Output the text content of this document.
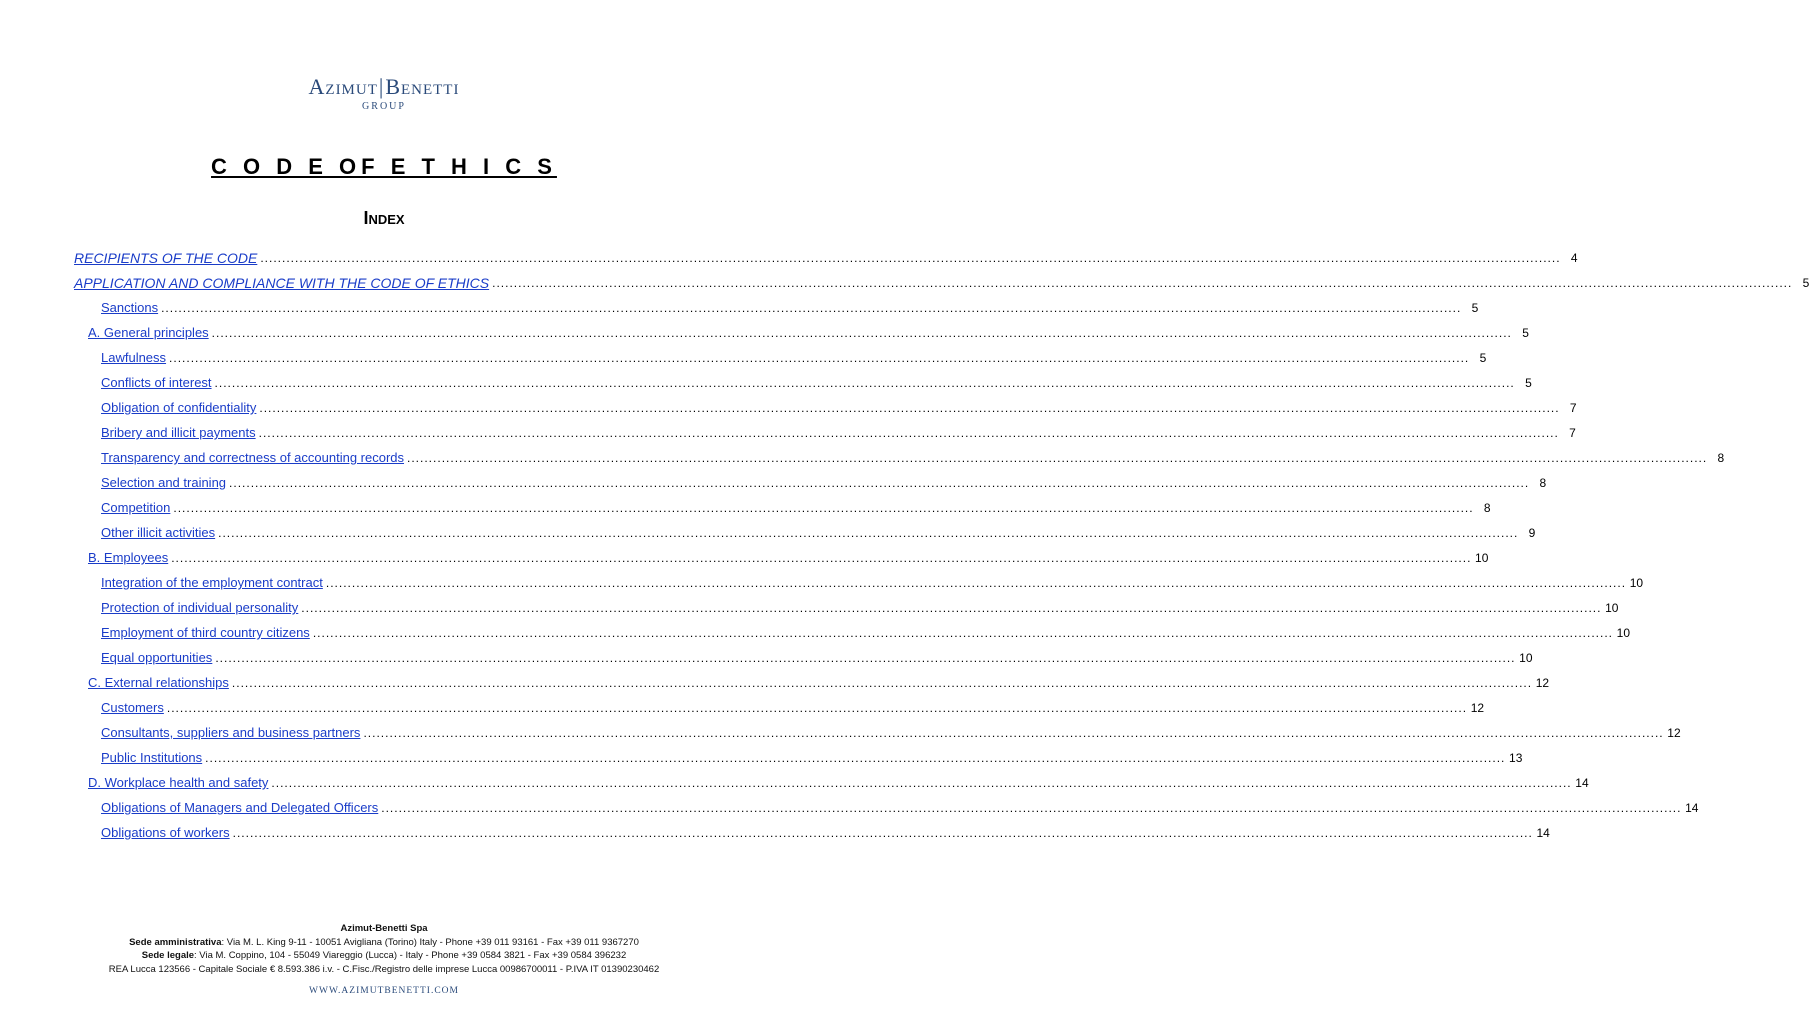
Azimut|Benetti
GROUP
C O D E OF E T H I C S
Index
RECIPIENTS OF THE CODE ............................................................................................................................................................................................................................................................................................................ 4
APPLICATION AND COMPLIANCE WITH THE CODE OF ETHICS ............................................................................................................................................................................................................................................................................................................ 5
Sanctions ............................................................................................................................................................................................................................................................................................................ 5
A. General principles ............................................................................................................................................................................................................................................................................................................ 5
Lawfulness ............................................................................................................................................................................................................................................................................................................ 5
Conflicts of interest ............................................................................................................................................................................................................................................................................................................ 5
Obligation of confidentiality ............................................................................................................................................................................................................................................................................................................ 7
Bribery and illicit payments ............................................................................................................................................................................................................................................................................................................ 7
Transparency and correctness of accounting records ............................................................................................................................................................................................................................................................................................................ 8
Selection and training ............................................................................................................................................................................................................................................................................................................ 8
Competition ............................................................................................................................................................................................................................................................................................................ 8
Other illicit activities ............................................................................................................................................................................................................................................................................................................ 9
B. Employees ............................................................................................................................................................................................................................................................................................................ 10
Integration of the employment contract ............................................................................................................................................................................................................................................................................................................ 10
Protection of individual personality ............................................................................................................................................................................................................................................................................................................ 10
Employment of third country citizens ............................................................................................................................................................................................................................................................................................................ 10
Equal opportunities ............................................................................................................................................................................................................................................................................................................ 10
C. External relationships ............................................................................................................................................................................................................................................................................................................ 12
Customers ............................................................................................................................................................................................................................................................................................................ 12
Consultants, suppliers and business partners ............................................................................................................................................................................................................................................................................................................ 12
Public Institutions ............................................................................................................................................................................................................................................................................................................ 13
D. Workplace health and safety ............................................................................................................................................................................................................................................................................................................ 14
Obligations of Managers and Delegated Officers ............................................................................................................................................................................................................................................................................................................ 14
Obligations of workers ............................................................................................................................................................................................................................................................................................................ 14
Azimut-Benetti Spa
Sede amministrativa: Via M. L. King 9-11 - 10051 Avigliana (Torino) Italy - Phone +39 011 93161 - Fax +39 011 9367270
Sede legale: Via M. Coppino, 104 - 55049 Viareggio (Lucca) - Italy - Phone +39 0584 3821 - Fax +39 0584 396232
REA Lucca 123566 - Capitale Sociale € 8.593.386 i.v. - C.Fisc./Registro delle imprese Lucca 00986700011 - P.IVA IT 01390230462
WWW.AZIMUTBENETTI.COM
